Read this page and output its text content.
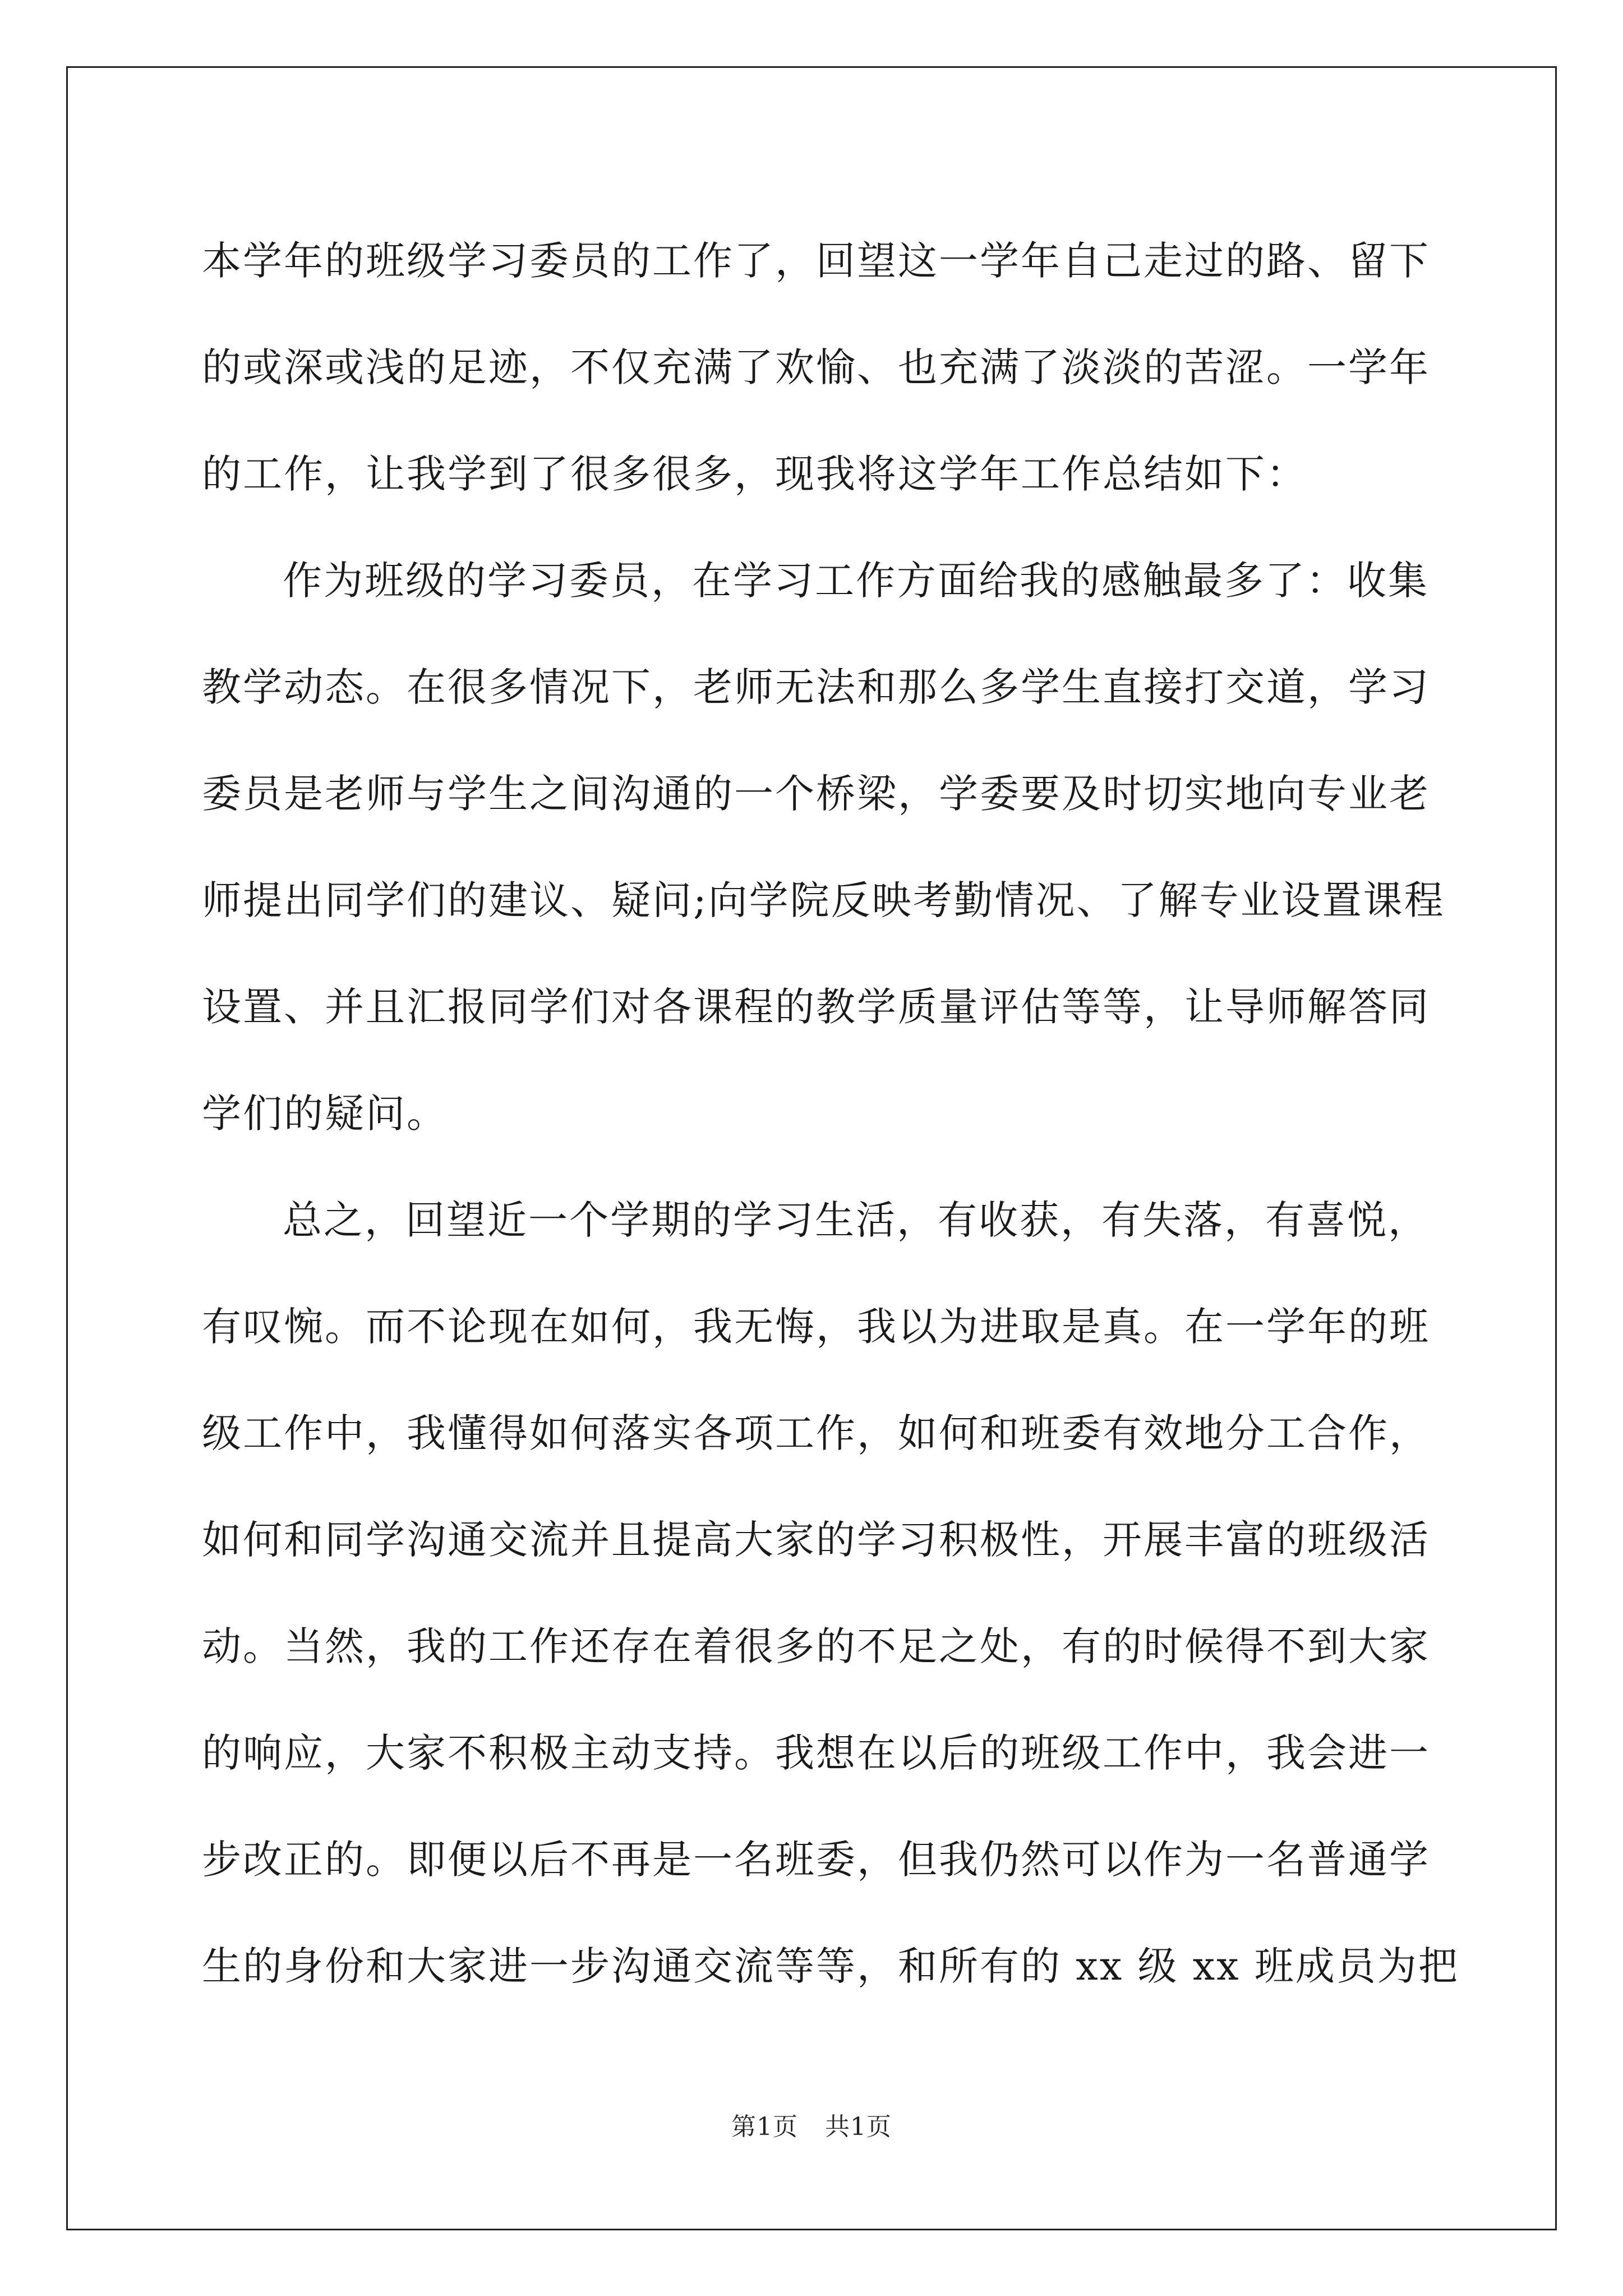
本学年的班级学习委员的工作了，回望这一学年自己走过的路、留下
的或深或浅的足迹，不仅充满了欢愉、也充满了淡淡的苦涩。一学年
的工作，让我学到了很多很多，现我将这学年工作总结如下：
作为班级的学习委员，在学习工作方面给我的感触最多了：收集
教学动态。在很多情况下，老师无法和那么多学生直接打交道，学习
委员是老师与学生之间沟通的一个桥梁，学委要及时切实地向专业老
师提出同学们的建议、疑问;向学院反映考勤情况、了解专业设置课程
设置、并且汇报同学们对各课程的教学质量评估等等，让导师解答同
学们的疑问。
总之，回望近一个学期的学习生活，有收获，有失落，有喜悦，
有叹惋。而不论现在如何，我无悔，我以为进取是真。在一学年的班
级工作中，我懂得如何落实各项工作，如何和班委有效地分工合作，
如何和同学沟通交流并且提高大家的学习积极性，开展丰富的班级活
动。当然，我的工作还存在着很多的不足之处，有的时候得不到大家
的响应，大家不积极主动支持。我想在以后的班级工作中，我会进一
步改正的。即便以后不再是一名班委，但我仍然可以作为一名普通学
生的身份和大家进一步沟通交流等等，和所有的 xx 级 xx 班成员为把
第1页 共1页
